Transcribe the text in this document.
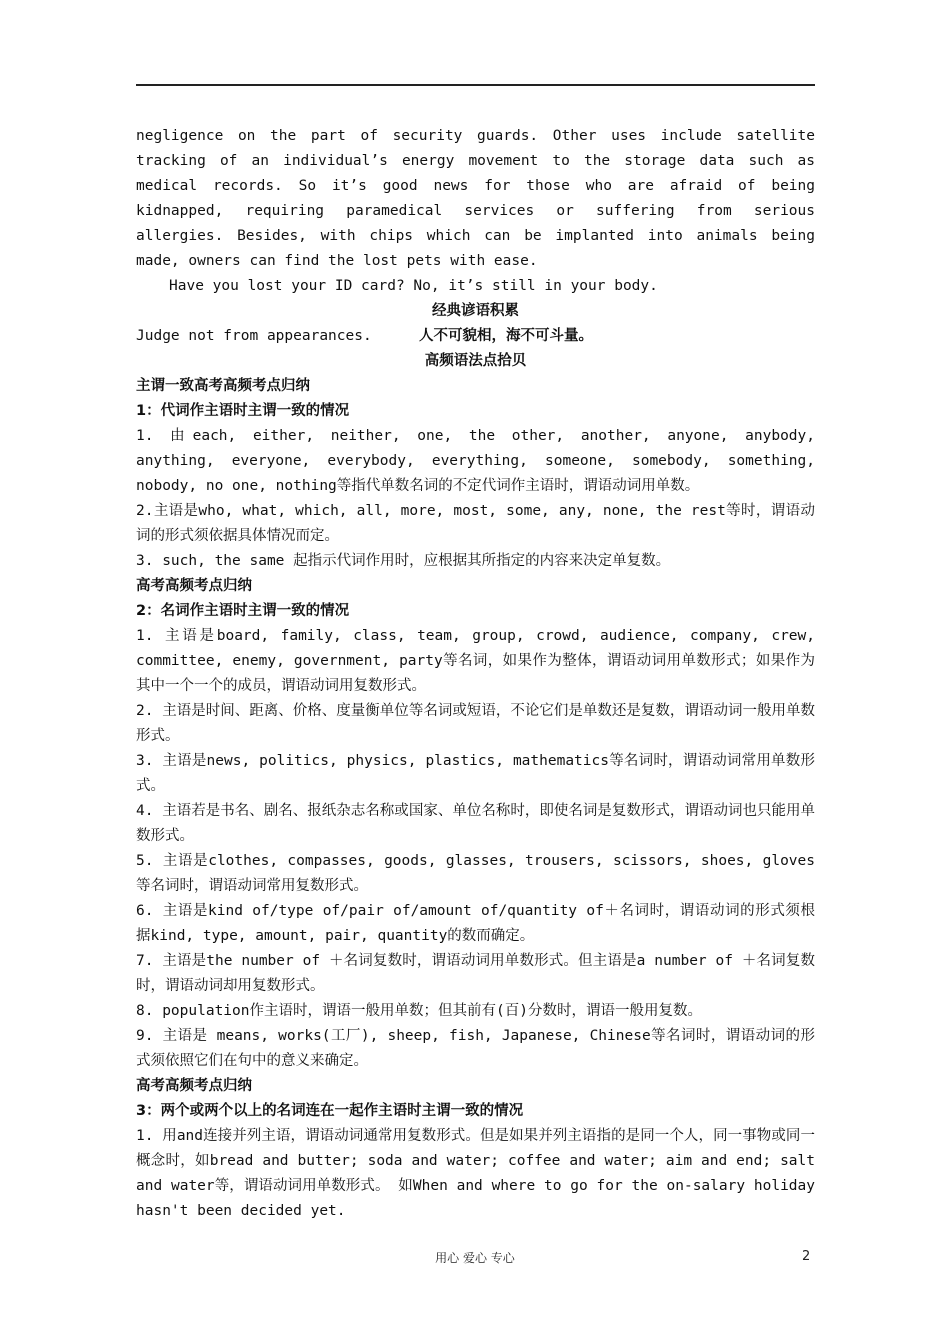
negligence on the part of security guards. Other uses include satellite tracking of an individual’s energy movement to the storage data such as medical records. So it’s good news for those who are afraid of being kidnapped, requiring paramedical services or suffering from serious allergies. Besides, with chips which can be implanted into animals being made, owners can find the lost pets with ease.

Have you lost your ID card? No, it’s still in your body.

经典谚语积累

Judge not from appearances.	人不可貌相，海不可斗量。

高频语法点拾贝

主谓一致高考高频考点归纳

1：代词作主语时主谓一致的情况

1. 由each, either, neither, one, the other, another, anyone, anybody, anything, everyone, everybody, everything, someone, somebody, something, nobody, no one, nothing等指代单数名词的不定代词作主语时，谓语动词用单数。

2.主语是who, what, which, all, more, most, some, any, none, the rest等时，谓语动词的形式须依据具体情况而定。

3. such, the same 起指示代词作用时，应根据其所指定的内容来决定单复数。

高考高频考点归纳

2：名词作主语时主谓一致的情况

1. 主语是board, family, class, team, group, crowd, audience, company, crew, committee, enemy, government, party等名词，如果作为整体，谓语动词用单数形式；如果作为其中一个一个的成员，谓语动词用复数形式。

2. 主语是时间、距离、价格、度量衡单位等名词或短语，不论它们是单数还是复数，谓语动词一般用单数形式。

3. 主语是news, politics, physics, plastics, mathematics等名词时，谓语动词常用单数形式。

4. 主语若是书名、剧名、报纸杂志名称或国家、单位名称时，即使名词是复数形式，谓语动词也只能用单数形式。

5. 主语是clothes, compasses, goods, glasses, trousers, scissors, shoes, gloves等名词时，谓语动词常用复数形式。

6. 主语是kind of/type of/pair of/amount of/quantity of＋名词时，谓语动词的形式须根据kind, type, amount, pair, quantity的数而确定。

7. 主语是the number of ＋名词复数时，谓语动词用单数形式。但主语是a number of ＋名词复数时，谓语动词却用复数形式。

8. population作主语时，谓语一般用单数；但其前有(百)分数时，谓语一般用复数。

9. 主语是 means, works(工厂), sheep, fish, Japanese, Chinese等名词时，谓语动词的形式须依照它们在句中的意义来确定。

高考高频考点归纳

3：两个或两个以上的名词连在一起作主语时主谓一致的情况

1. 用and连接并列主语，谓语动词通常用复数形式。但是如果并列主语指的是同一个人，同一事物或同一概念时，如bread and butter; soda and water; coffee and water; aim and end; salt and water等，谓语动词用单数形式。 如When and where to go for the on-salary holiday hasn't been decided yet.

用心 爱心 专心	2
